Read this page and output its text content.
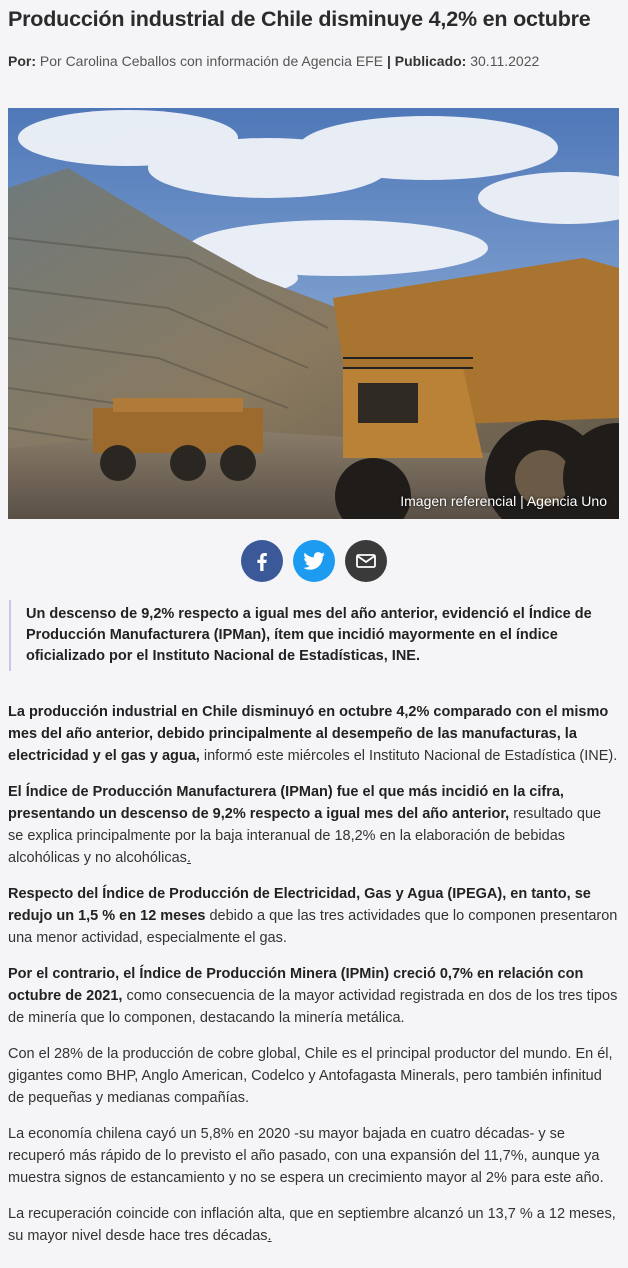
Producción industrial de Chile disminuye 4,2% en octubre
Por: Por Carolina Ceballos con información de Agencia EFE | Publicado: 30.11.2022
Imagen referencial | Agencia Uno
Un descenso de 9,2% respecto a igual mes del año anterior, evidenció el Índice de Producción Manufacturera (IPMan), ítem que incidió mayormente en el índice oficializado por el Instituto Nacional de Estadísticas, INE.

La producción industrial en Chile disminuyó en octubre 4,2% comparado con el mismo mes del año anterior, debido principalmente al desempeño de las manufacturas, la electricidad y el gas y agua, informó este miércoles el Instituto Nacional de Estadística (INE).

El Índice de Producción Manufacturera (IPMan) fue el que más incidió en la cifra, presentando un descenso de 9,2% respecto a igual mes del año anterior, resultado que se explica principalmente por la baja interanual de 18,2% en la elaboración de bebidas alcohólicas y no alcohólicas.

Respecto del Índice de Producción de Electricidad, Gas y Agua (IPEGA), en tanto, se redujo un 1,5 % en 12 meses debido a que las tres actividades que lo componen presentaron una menor actividad, especialmente el gas.

Por el contrario, el Índice de Producción Minera (IPMin) creció 0,7% en relación con octubre de 2021, como consecuencia de la mayor actividad registrada en dos de los tres tipos de minería que lo componen, destacando la minería metálica.

Con el 28% de la producción de cobre global, Chile es el principal productor del mundo. En él, gigantes como BHP, Anglo American, Codelco y Antofagasta Minerals, pero también infinitud de pequeñas y medianas compañías.

La economía chilena cayó un 5,8% en 2020 -su mayor bajada en cuatro décadas- y se recuperó más rápido de lo previsto el año pasado, con una expansión del 11,7%, aunque ya muestra signos de estancamiento y no se espera un crecimiento mayor al 2% para este año.

La recuperación coincide con inflación alta, que en septiembre alcanzó un 13,7 % a 12 meses, su mayor nivel desde hace tres décadas.
